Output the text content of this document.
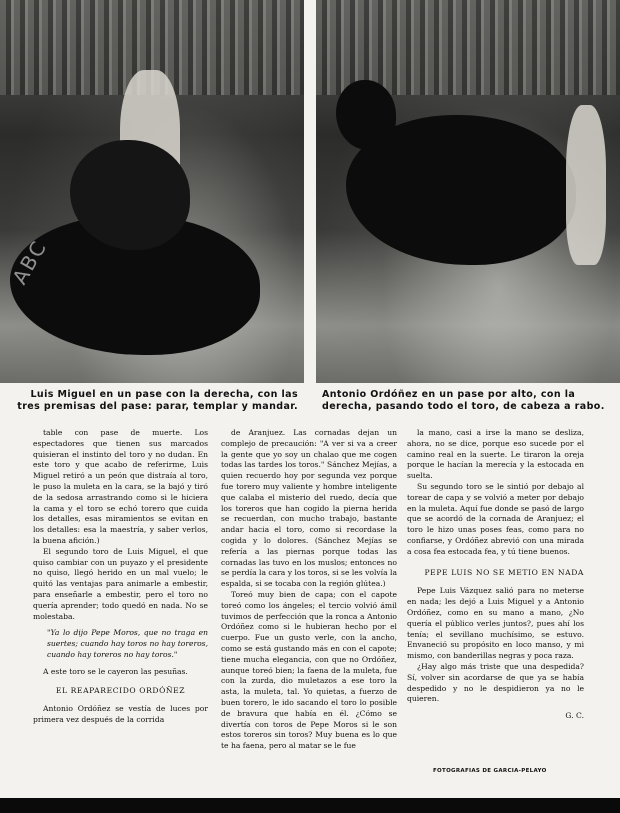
ABC
Luis Miguel en un pase con la derecha, con las tres premisas del pase: parar, templar y mandar.
Antonio Ordóñez en un pase por alto, con la derecha, pasando todo el toro, de cabeza a rabo.

table con pase de muerte. Los espectadores que tienen sus marcados quisieran el instinto del toro y no dudan. En este toro y que acabo de referirme, Luis Miguel retiró a un peón que distraía al toro, le puso la muleta en la cara, se la bajó y tiró de la sedosa arrastrando como si le hiciera la cama y el toro se echó torero que cuida los detalles, esas miramientos se evitan en los detalles: esa la maestría, y saber verlos, la buena afición.)

El segundo toro de Luis Miguel, el que quiso cambiar con un puyazo y el presidente no quiso, llegó herido en un mal vuelo; le quitó las ventajas para animarle a embestir, para enseñarle a embestir, pero el toro no quería aprender; todo quedó en nada. No se molestaba.

"Ya lo dijo Pepe Moros, que no traga en suertes; cuando hay toros no hay toreros, cuando hay toreros no hay toros."

A este toro se le cayeron las pesuñas.

EL REAPARECIDO ORDÓÑEZ

Antonio Ordóñez se vestía de luces por primera vez después de la corrida

de Aranjuez. Las cornadas dejan un complejo de precaución: "A ver si va a creer la gente que yo soy un chalao que me cogen todas las tardes los toros." Sánchez Mejías, a quien recuerdo hoy por segunda vez porque fue torero muy valiente y hombre inteligente que calaba el misterio del ruedo, decía que los toreros que han cogido la pierna herida se recuerdan, con mucho trabajo, bastante andar hacia el toro, como si recordase la cogida y lo dolores. (Sánchez Mejías se refería a las piernas porque todas las cornadas las tuvo en los muslos; entonces no se perdía la cara y los toros, si se les volvía la espalda, si se tocaba con la región glútea.)

Toreó muy bien de capa; con el capote toreó como los ángeles; el tercio volvió ámil tuvimos de perfección que la ronca a Antonio Ordóñez como si le hubieran hecho por el cuerpo. Fue un gusto verle, con la ancho, como se está gustando más en con el capote; tiene mucha elegancia, con que no Ordóñez, aunque toreó bien; la faena de la muleta, fue con la zurda, dio muletazos a ese toro la asta, la muleta, tal. Yo quietas, a fuerzo de buen torero, le ido sacando el toro lo posible de bravura que había en él. ¿Cómo se divertía con toros de Pepe Moros si le son estos toreros sin toros? Muy buena es lo que te ha faena, pero al matar se le fue

la mano, casi a irse la mano se desliza, ahora, no se dice, porque eso sucede por el camino real en la suerte. Le tiraron la oreja porque le hacían la merecía y la estocada en suelta.

Su segundo toro se le sintió por debajo al torear de capa y se volvió a meter por debajo en la muleta. Aquí fue donde se pasó de largo que se acordó de la cornada de Aranjuez; el toro le hizo unas poses feas, como para no confiarse, y Ordóñez abrevió con una mirada a cosa fea estocada fea, y tú tiene buenos.

PEPE LUIS NO SE METIO EN NADA

Pepe Luis Vázquez salió para no meterse en nada; les dejó a Luis Miguel y a Antonio Ordóñez, como en su mano a mano, ¿No quería el público verles juntos?, pues ahí los tenía; el sevillano muchísimo, se estuvo. Envaneció su propósito en loco manso, y mi mismo, con banderillas negras y poca raza.

¿Hay algo más triste que una despedida? Sí, volver sin acordarse de que ya se había despedido y no le despidieron ya no le quieren.

G. C.

FOTOGRAFIAS DE GARCIA-PELAYO
